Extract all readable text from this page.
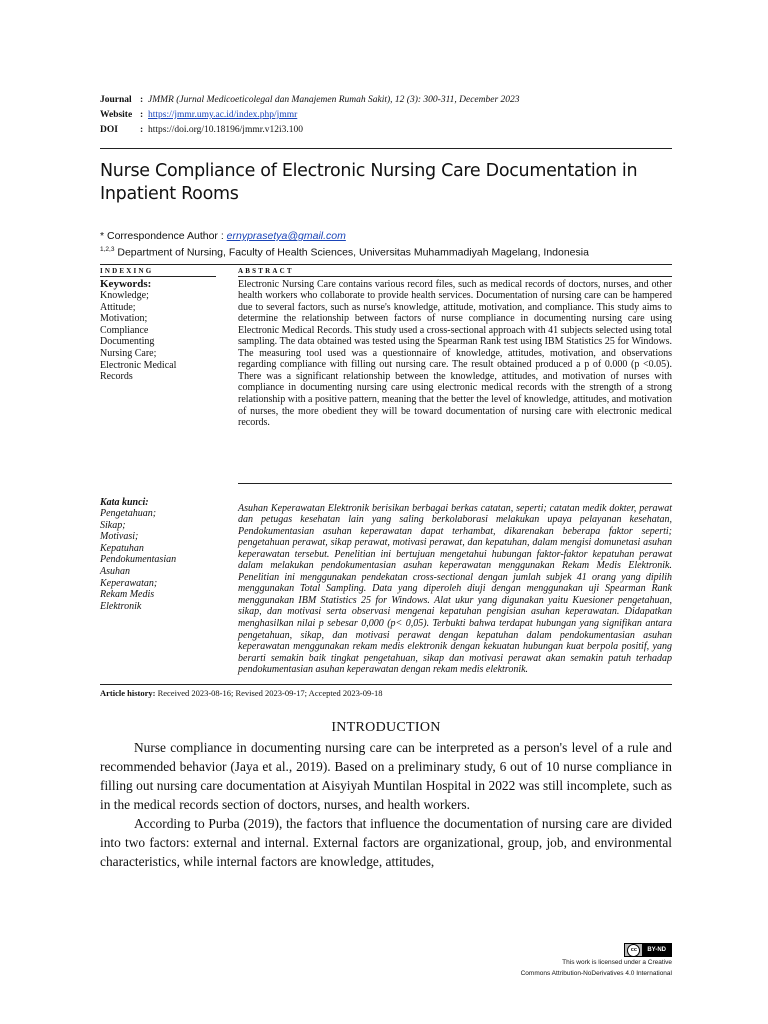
Journal : JMMR (Jurnal Medicoeticolegal dan Manajemen Rumah Sakit), 12 (3): 300-311, December 2023
Website : https://jmmr.umy.ac.id/index.php/jmmr
DOI	: https://doi.org/10.18196/jmmr.v12i3.100
Nurse Compliance of Electronic Nursing Care Documentation in Inpatient Rooms
* Correspondence Author : ernyprasetya@gmail.com
$^{1,2,3}$ Department of Nursing, Faculty of Health Sciences, Universitas Muhammadiyah Magelang, Indonesia
INDEXING
Keywords:
Knowledge;
Attitude;
Motivation;
Compliance
Documenting
Nursing Care;
Electronic Medical
Records
Kata kunci:
Pengetahuan;
Sikap;
Motivasi;
Kepatuhan
Pendokumentasian
Asuhan
Keperawatan;
Rekam Medis
Elektronik
ABSTRACT
Electronic Nursing Care contains various record files, such as medical records of doctors, nurses, and other health workers who collaborate to provide health services. Documentation of nursing care can be hampered due to several factors, such as nurse's knowledge, attitude, motivation, and compliance. This study aims to determine the relationship between factors of nurse compliance in documenting nursing care using Electronic Medical Records. This study used a cross-sectional approach with 41 subjects selected using total sampling. The data obtained was tested using the Spearman Rank test using IBM Statistics 25 for Windows. The measuring tool used was a questionnaire of knowledge, attitudes, motivation, and observations regarding compliance with filling out nursing care. The result obtained produced a p of 0.000 (p <0.05). There was a significant relationship between the knowledge, attitudes, and motivation of nurses with compliance in documenting nursing care using electronic medical records with the strength of a strong relationship with a positive pattern, meaning that the better the level of knowledge, attitudes, and motivation of nurses, the more obedient they will be toward documentation of nursing care with electronic medical records.
Asuhan Keperawatan Elektronik berisikan berbagai berkas catatan, seperti; catatan medik dokter, perawat dan petugas kesehatan lain yang saling berkolaborasi melakukan upaya pelayanan kesehatan, Pendokumentasian asuhan keperawatan dapat terhambat, dikarenakan beberapa faktor seperti; pengetahuan perawat, sikap perawat, motivasi perawat, dan kepatuhan, dalam mengisi domunetasi asuhan keperawatan tersebut. Penelitian ini bertujuan mengetahui hubungan faktor-faktor kepatuhan perawat dalam melakukan pendokumentasian asuhan keperawatan menggunakan Rekam Medis Elektronik. Penelitian ini menggunakan pendekatan cross-sectional dengan jumlah subjek 41 orang yang dipilih menggunakan Total Sampling. Data yang diperoleh diuji dengan menggunakan uji Spearman Rank menggunakan IBM Statistics 25 for Windows. Alat ukur yang digunakan yaitu Kuesioner pengetahuan, sikap, dan motivasi serta observasi mengenai kepatuhan pengisian asuhan keperawatan. Didapatkan menghasilkan nilai p sebesar 0,000 (p< 0,05). Terbukti bahwa terdapat hubungan yang signifikan antara pengetahuan, sikap, dan motivasi perawat dengan kepatuhan dalam pendokumentasian asuhan keperawatan menggunakan rekam medis elektronik dengan kekuatan hubungan kuat berpola positif, yang berarti semakin baik tingkat pengetahuan, sikap dan motivasi perawat akan semakin patuh terhadap pendokumentasian asuhan keperawatan dengan rekam medis elektronik.
Article history: Received 2023-08-16; Revised 2023-09-17; Accepted 2023-09-18
INTRODUCTION

Nurse compliance in documenting nursing care can be interpreted as a person's level of a rule and recommended behavior (Jaya et al., 2019). Based on a preliminary study, 6 out of 10 nurse compliance in filling out nursing care documentation at Aisyiyah Muntilan Hospital in 2022 was still incomplete, such as in the medical records section of doctors, nurses, and health workers.

According to Purba (2019), the factors that influence the documentation of nursing care are divided into two factors: external and internal. External factors are organizational, group, job, and environmental characteristics, while internal factors are knowledge, attitudes,

cc	BY-ND
This work is licensed under a Creative
Commons Attribution-NoDerivatives 4.0 International
